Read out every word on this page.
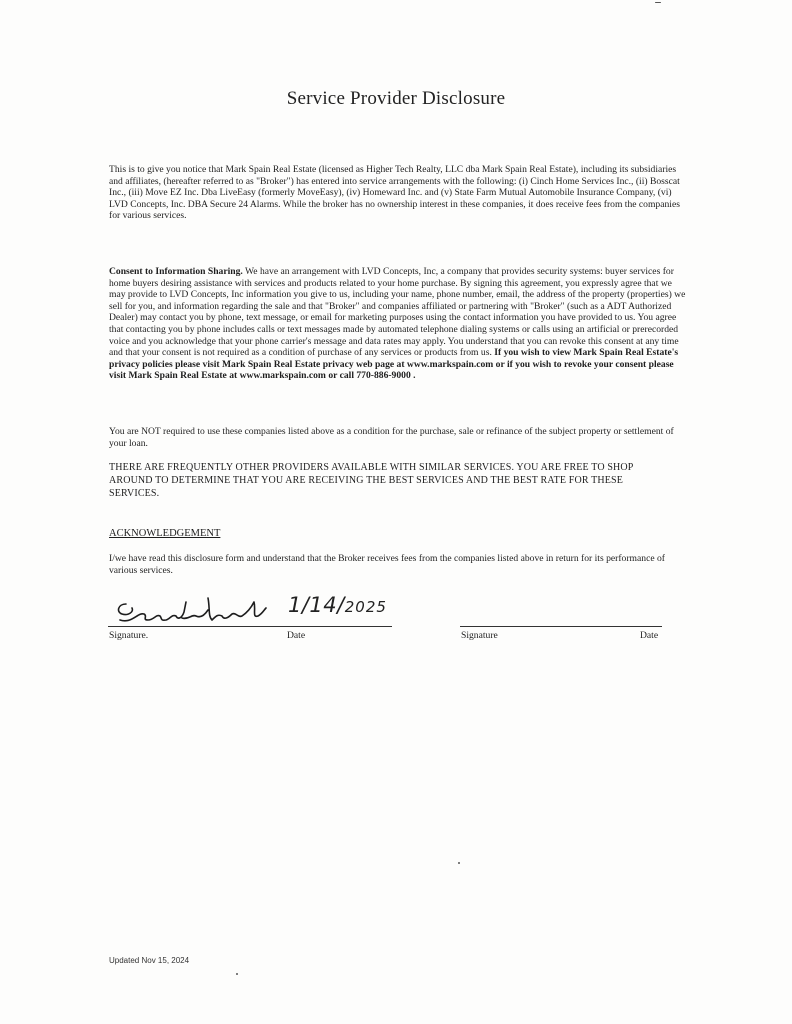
Service Provider Disclosure
This is to give you notice that Mark Spain Real Estate (licensed as Higher Tech Realty, LLC dba Mark Spain Real Estate), including its subsidiaries and affiliates, (hereafter referred to as "Broker") has entered into service arrangements with the following: (i) Cinch Home Services Inc., (ii) Bosscat Inc., (iii) Move EZ Inc. Dba LiveEasy (formerly MoveEasy), (iv) Homeward Inc. and (v) State Farm Mutual Automobile Insurance Company, (vi) LVD Concepts, Inc. DBA Secure 24 Alarms. While the broker has no ownership interest in these companies, it does receive fees from the companies for various services.
Consent to Information Sharing. We have an arrangement with LVD Concepts, Inc, a company that provides security systems: buyer services for home buyers desiring assistance with services and products related to your home purchase. By signing this agreement, you expressly agree that we may provide to LVD Concepts, Inc information you give to us, including your name, phone number, email, the address of the property (properties) we sell for you, and information regarding the sale and that "Broker" and companies affiliated or partnering with "Broker" (such as a ADT Authorized Dealer) may contact you by phone, text message, or email for marketing purposes using the contact information you have provided to us. You agree that contacting you by phone includes calls or text messages made by automated telephone dialing systems or calls using an artificial or prerecorded voice and you acknowledge that your phone carrier's message and data rates may apply. You understand that you can revoke this consent at any time and that your consent is not required as a condition of purchase of any services or products from us. If you wish to view Mark Spain Real Estate's privacy policies please visit Mark Spain Real Estate privacy web page at www.markspain.com or if you wish to revoke your consent please visit Mark Spain Real Estate at www.markspain.com or call 770-886-9000 .
You are NOT required to use these companies listed above as a condition for the purchase, sale or refinance of the subject property or settlement of your loan.
THERE ARE FREQUENTLY OTHER PROVIDERS AVAILABLE WITH SIMILAR SERVICES. YOU ARE FREE TO SHOP AROUND TO DETERMINE THAT YOU ARE RECEIVING THE BEST SERVICES AND THE BEST RATE FOR THESE SERVICES.
ACKNOWLEDGEMENT
I/we have read this disclosure form and understand that the Broker receives fees from the companies listed above in return for its performance of various services.
1/14/2025
Signature.	Date	Signature	Date
Updated Nov 15, 2024
